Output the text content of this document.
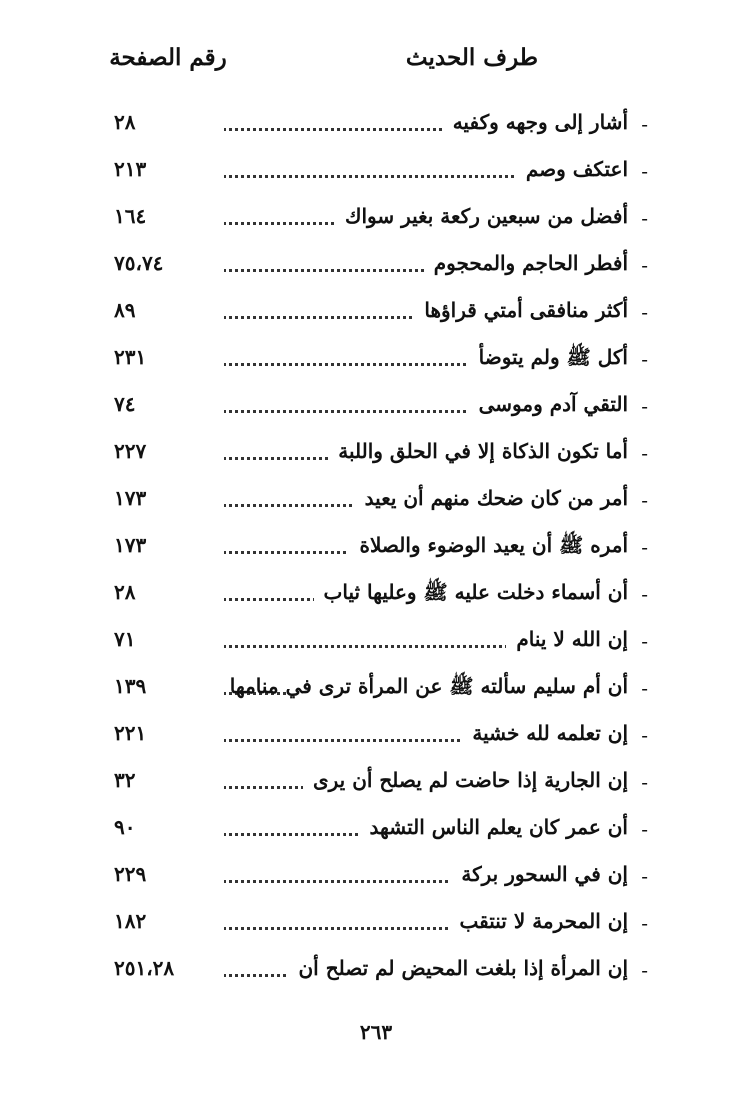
طرف الحديث
رقم الصفحة
-
أشار إلى وجهه وكفيه
٢٨
-
اعتكف وصم
٢١٣
-
أفضل من سبعين ركعة بغير سواك
١٦٤
-
أفطر الحاجم والمحجوم
٧٥،٧٤
-
أكثر منافقى أمتي قراؤها
٨٩
-
أكل ﷺ ولم يتوضأ
٢٣١
-
التقي آدم وموسى
٧٤
-
أما تكون الذكاة إلا في الحلق واللبة
٢٢٧
-
أمر من كان ضحك منهم أن يعيد
١٧٣
-
أمره ﷺ أن يعيد الوضوء والصلاة
١٧٣
-
أن أسماء دخلت عليه ﷺ وعليها ثياب
٢٨
-
إن الله لا ينام
٧١
-
أن أم سليم سألته ﷺ عن المرأة ترى في منامها
١٣٩
-
إن تعلمه لله خشية
٢٢١
-
إن الجارية إذا حاضت لم يصلح أن يرى
٣٢
-
أن عمر كان يعلم الناس التشهد
٩٠
-
إن في السحور بركة
٢٢٩
-
إن المحرمة لا تنتقب
١٨٢
-
إن المرأة إذا بلغت المحيض لم تصلح أن
٢٥١،٢٨
٢٦٣
